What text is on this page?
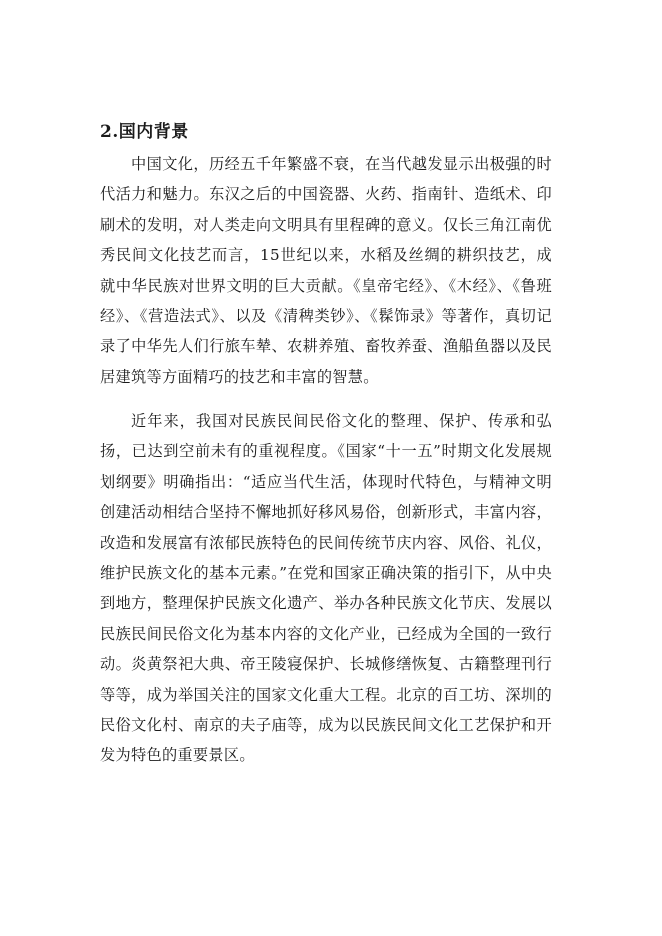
2.国内背景

中国文化，历经五千年繁盛不衰，在当代越发显示出极强的时代活力和魅力。东汉之后的中国瓷器、火药、指南针、造纸术、印刷术的发明，对人类走向文明具有里程碑的意义。仅长三角江南优秀民间文化技艺而言，15世纪以来，水稻及丝绸的耕织技艺，成就中华民族对世界文明的巨大贡献。《皇帝宅经》、《木经》、《鲁班经》、《营造法式》、以及《清稗类钞》、《髹饰录》等著作，真切记录了中华先人们行旅车辇、农耕养殖、畜牧养蚕、渔船鱼器以及民居建筑等方面精巧的技艺和丰富的智慧。

近年来，我国对民族民间民俗文化的整理、保护、传承和弘扬，已达到空前未有的重视程度。《国家“十一五”时期文化发展规划纲要》明确指出：“适应当代生活，体现时代特色，与精神文明创建活动相结合坚持不懈地抓好移风易俗，创新形式，丰富内容，改造和发展富有浓郁民族特色的民间传统节庆内容、风俗、礼仪，维护民族文化的基本元素。”在党和国家正确决策的指引下，从中央到地方，整理保护民族文化遗产、举办各种民族文化节庆、发展以民族民间民俗文化为基本内容的文化产业，已经成为全国的一致行动。炎黄祭祀大典、帝王陵寝保护、长城修缮恢复、古籍整理刊行等等，成为举国关注的国家文化重大工程。北京的百工坊、深圳的民俗文化村、南京的夫子庙等，成为以民族民间文化工艺保护和开发为特色的重要景区。
